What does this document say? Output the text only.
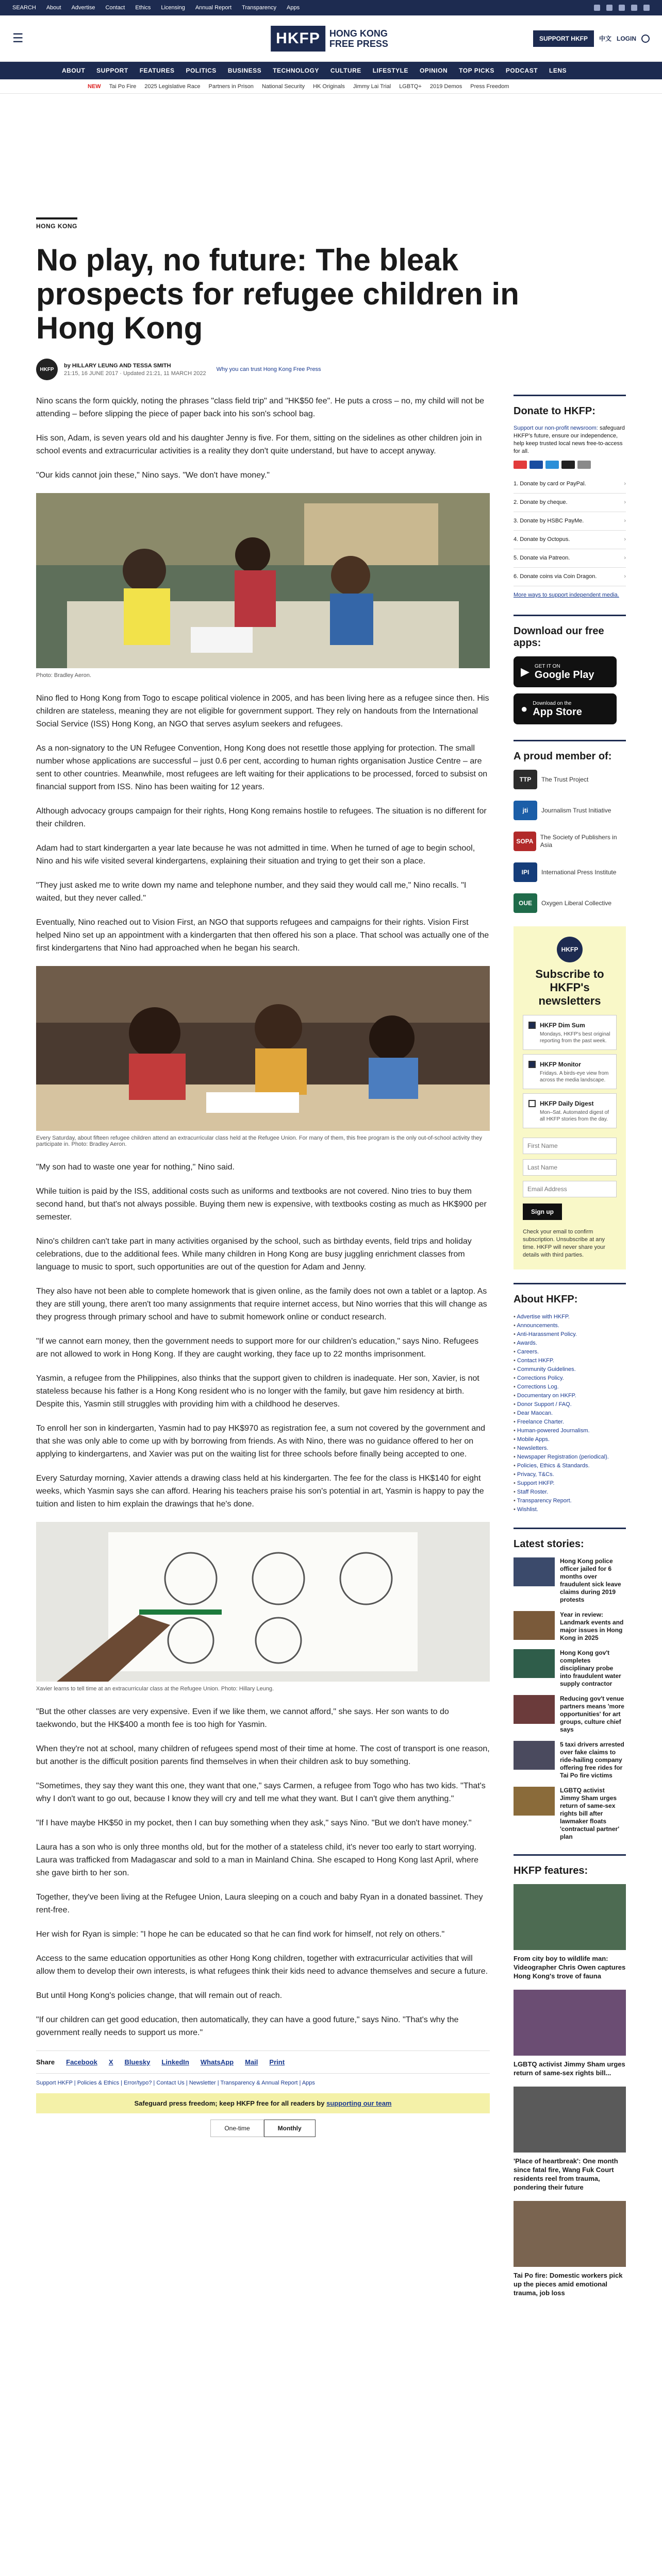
SEARCH About Advertise Contact Ethics Licensing Annual Report Transparency Apps
☰	HKFP	HONG KONG FREE PRESS	SUPPORT HKFP	中文 LOGIN
ABOUT SUPPORT FEATURES POLITICS BUSINESS TECHNOLOGY CULTURE LIFESTYLE OPINION TOP PICKS PODCAST LENS
NEW Tai Po Fire 2025 Legislative Race Partners in Prison National Security HK Originals Jimmy Lai Trial LGBTQ+ 2019 Demos Press Freedom
HONG KONG
No play, no future: The bleak prospects for refugee children in Hong Kong
HKFP
by HILLARY LEUNG AND TESSA SMITH
21:15, 16 JUNE 2017 · Updated 21:21, 11 MARCH 2022
Why you can trust Hong Kong Free Press

Nino scans the form quickly, noting the phrases "class field trip" and "HK$50 fee". He puts a cross – no, my child will not be attending – before slipping the piece of paper back into his son's school bag.

His son, Adam, is seven years old and his daughter Jenny is five. For them, sitting on the sidelines as other children join in school events and extracurricular activities is a reality they don't quite understand, but have to accept anyway.

"Our kids cannot join these," Nino says. "We don't have money."

Photo: Bradley Aeron.

Nino fled to Hong Kong from Togo to escape political violence in 2005, and has been living here as a refugee since then. His children are stateless, meaning they are not eligible for government support. They rely on handouts from the International Social Service (ISS) Hong Kong, an NGO that serves asylum seekers and refugees.

As a non-signatory to the UN Refugee Convention, Hong Kong does not resettle those applying for protection. The small number whose applications are successful – just 0.6 per cent, according to human rights organisation Justice Centre – are sent to other countries. Meanwhile, most refugees are left waiting for their applications to be processed, forced to subsist on financial support from ISS. Nino has been waiting for 12 years.

Although advocacy groups campaign for their rights, Hong Kong remains hostile to refugees. The situation is no different for their children.

Adam had to start kindergarten a year late because he was not admitted in time. When he turned of age to begin school, Nino and his wife visited several kindergartens, explaining their situation and trying to get their son a place.

"They just asked me to write down my name and telephone number, and they said they would call me," Nino recalls. "I waited, but they never called."

Eventually, Nino reached out to Vision First, an NGO that supports refugees and campaigns for their rights. Vision First helped Nino set up an appointment with a kindergarten that then offered his son a place. That school was actually one of the first kindergartens that Nino had approached when he began his search.

Every Saturday, about fifteen refugee children attend an extracurricular class held at the Refugee Union. For many of them, this free program is the only out-of-school activity they participate in. Photo: Bradley Aeron.

"My son had to waste one year for nothing," Nino said.

While tuition is paid by the ISS, additional costs such as uniforms and textbooks are not covered. Nino tries to buy them second hand, but that's not always possible. Buying them new is expensive, with textbooks costing as much as HK$900 per semester.

Nino's children can't take part in many activities organised by the school, such as birthday events, field trips and holiday celebrations, due to the additional fees. While many children in Hong Kong are busy juggling enrichment classes from language to music to sport, such opportunities are out of the question for Adam and Jenny.

They also have not been able to complete homework that is given online, as the family does not own a tablet or a laptop. As they are still young, there aren't too many assignments that require internet access, but Nino worries that this will change as they progress through primary school and have to submit homework online or conduct research.

"If we cannot earn money, then the government needs to support more for our children's education," says Nino. Refugees are not allowed to work in Hong Kong. If they are caught working, they face up to 22 months imprisonment.

Yasmin, a refugee from the Philippines, also thinks that the support given to children is inadequate. Her son, Xavier, is not stateless because his father is a Hong Kong resident who is no longer with the family, but gave him residency at birth. Despite this, Yasmin still struggles with providing him with a childhood he deserves.

To enroll her son in kindergarten, Yasmin had to pay HK$970 as registration fee, a sum not covered by the government and that she was only able to come up with by borrowing from friends. As with Nino, there was no guidance offered to her on applying to kindergartens, and Xavier was put on the waiting list for three schools before finally being accepted to one.

Every Saturday morning, Xavier attends a drawing class held at his kindergarten. The fee for the class is HK$140 for eight weeks, which Yasmin says she can afford. Hearing his teachers praise his son's potential in art, Yasmin is happy to pay the tuition and listen to him explain the drawings that he's done.

Xavier learns to tell time at an extracurricular class at the Refugee Union. Photo: Hillary Leung.

"But the other classes are very expensive. Even if we like them, we cannot afford," she says. Her son wants to do taekwondo, but the HK$400 a month fee is too high for Yasmin.

When they're not at school, many children of refugees spend most of their time at home. The cost of transport is one reason, but another is the difficult position parents find themselves in when their children ask to buy something.

"Sometimes, they say they want this one, they want that one," says Carmen, a refugee from Togo who has two kids. "That's why I don't want to go out, because I know they will cry and tell me what they want. But I can't give them anything."

"If I have maybe HK$50 in my pocket, then I can buy something when they ask," says Nino. "But we don't have money."

Laura has a son who is only three months old, but for the mother of a stateless child, it's never too early to start worrying. Laura was trafficked from Madagascar and sold to a man in Mainland China. She escaped to Hong Kong last April, where she gave birth to her son.

Together, they've been living at the Refugee Union, Laura sleeping on a couch and baby Ryan in a donated bassinet. They rent-free.

Her wish for Ryan is simple: "I hope he can be educated so that he can find work for himself, not rely on others."

Access to the same education opportunities as other Hong Kong children, together with extracurricular activities that will allow them to develop their own interests, is what refugees think their kids need to advance themselves and secure a future.

But until Hong Kong's policies change, that will remain out of reach.

"If our children can get good education, then automatically, they can have a good future," says Nino. "That's why the government really needs to support us more."

Share Facebook X Bluesky LinkedIn WhatsApp Mail Print
Support HKFP | Policies & Ethics | Error/typo? | Contact Us | Newsletter | Transparency & Annual Report | Apps
Safeguard press freedom; keep HKFP free for all readers by supporting our team
One-time	Monthly
Donate to HKFP:
Support our non-profit newsroom: safeguard HKFP's future, ensure our independence, help keep trusted local news free-to-access for all.
1. Donate by card or PayPal.	›
2. Donate by cheque.	›
3. Donate by HSBC PayMe.	›
4. Donate by Octopus.	›
5. Donate via Patreon.	›
6. Donate coins via Coin Dragon.	›
More ways to support independent media.
Download our free apps:
▶ GET IT ON
Google Play
● Download on the
App Store
A proud member of:
TTP	The Trust Project
jti	Journalism Trust Initiative
SOPA
The Society of Publishers in Asia
IPI	International Press Institute
OUE	Oxygen Liberal Collective
HKFP
Subscribe to HKFP's newsletters
HKFP Dim Sum
Mondays, HKFP's best original reporting from the past week.
HKFP Monitor
Fridays. A birds-eye view from across the media landscape.
HKFP Daily Digest
Mon–Sat. Automated digest of all HKFP stories from the day.
First Name Last Name Email Address Sign up
Check your email to confirm subscription. Unsubscribe at any time. HKFP will never share your details with third parties.
About HKFP:
• Advertise with HKFP.
• Announcements.
• Anti-Harassment Policy.
• Awards.
• Careers.
• Contact HKFP.
• Community Guidelines.
• Corrections Policy.
• Corrections Log.
• Documentary on HKFP.
• Donor Support / FAQ.
• Dear Maocan.
• Freelance Charter.
• Human-powered Journalism.
• Mobile Apps.
• Newsletters.
• Newspaper Registration (periodical).
• Policies, Ethics & Standards.
• Privacy, T&Cs.
• Support HKFP.
• Staff Roster.
• Transparency Report.
• Wishlist.
Latest stories:
Hong Kong police officer jailed for 6 months over fraudulent sick leave claims during 2019 protests
Year in review: Landmark events and major issues in Hong Kong in 2025
Hong Kong gov't completes disciplinary probe into fraudulent water supply contractor
Reducing gov't venue partners means 'more opportunities' for art groups, culture chief says
5 taxi drivers arrested over fake claims to ride-hailing company offering free rides for Tai Po fire victims
LGBTQ activist Jimmy Sham urges return of same-sex rights bill after lawmaker floats 'contractual partner' plan
HKFP features:
From city boy to wildlife man: Videographer Chris Owen captures Hong Kong's trove of fauna
LGBTQ activist Jimmy Sham urges return of same-sex rights bill...
'Place of heartbreak': One month since fatal fire, Wang Fuk Court residents reel from trauma, pondering their future
Tai Po fire: Domestic workers pick up the pieces amid emotional trauma, job loss
